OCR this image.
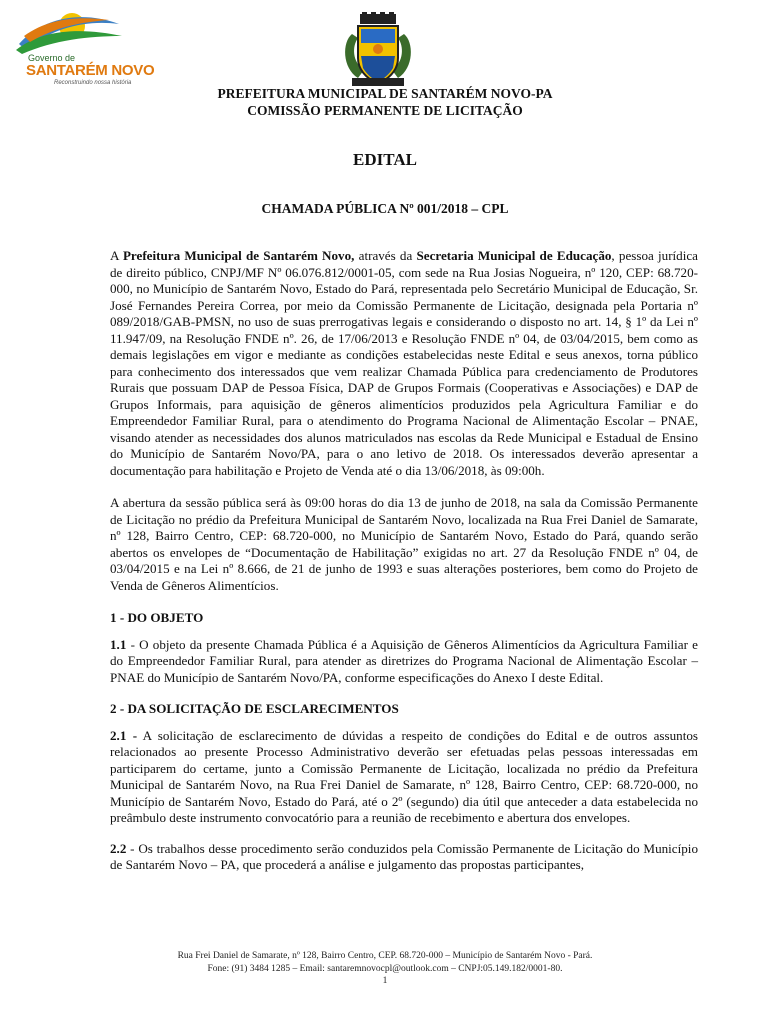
Governo de
SANTARÉM NOVO
Reconstruindo nossa história
PREFEITURA MUNICIPAL DE SANTARÉM NOVO-PA
COMISSÃO PERMANENTE DE LICITAÇÃO
EDITAL
CHAMADA PÚBLICA Nº 001/2018 – CPL

A Prefeitura Municipal de Santarém Novo, através da Secretaria Municipal de Educação, pessoa jurídica de direito público, CNPJ/MF Nº 06.076.812/0001-05, com sede na Rua Josias Nogueira, nº 120, CEP: 68.720-000, no Município de Santarém Novo, Estado do Pará, representada pelo Secretário Municipal de Educação, Sr. José Fernandes Pereira Correa, por meio da Comissão Permanente de Licitação, designada pela Portaria nº 089/2018/GAB-PMSN, no uso de suas prerrogativas legais e considerando o disposto no art. 14, § 1º da Lei nº 11.947/09, na Resolução FNDE nº. 26, de 17/06/2013 e Resolução FNDE nº 04, de 03/04/2015, bem como as demais legislações em vigor e mediante as condições estabelecidas neste Edital e seus anexos, torna público para conhecimento dos interessados que vem realizar Chamada Pública para credenciamento de Produtores Rurais que possuam DAP de Pessoa Física, DAP de Grupos Formais (Cooperativas e Associações) e DAP de Grupos Informais, para aquisição de gêneros alimentícios produzidos pela Agricultura Familiar e do Empreendedor Familiar Rural, para o atendimento do Programa Nacional de Alimentação Escolar – PNAE, visando atender as necessidades dos alunos matriculados nas escolas da Rede Municipal e Estadual de Ensino do Município de Santarém Novo/PA, para o ano letivo de 2018. Os interessados deverão apresentar a documentação para habilitação e Projeto de Venda até o dia 13/06/2018, às 09:00h.

A abertura da sessão pública será às 09:00 horas do dia 13 de junho de 2018, na sala da Comissão Permanente de Licitação no prédio da Prefeitura Municipal de Santarém Novo, localizada na Rua Frei Daniel de Samarate, nº 128, Bairro Centro, CEP: 68.720-000, no Município de Santarém Novo, Estado do Pará, quando serão abertos os envelopes de “Documentação de Habilitação” exigidas no art. 27 da Resolução FNDE nº 04, de 03/04/2015 e na Lei nº 8.666, de 21 de junho de 1993 e suas alterações posteriores, bem como do Projeto de Venda de Gêneros Alimentícios.

1 - DO OBJETO

1.1 - O objeto da presente Chamada Pública é a Aquisição de Gêneros Alimentícios da Agricultura Familiar e do Empreendedor Familiar Rural, para atender as diretrizes do Programa Nacional de Alimentação Escolar – PNAE do Município de Santarém Novo/PA, conforme especificações do Anexo I deste Edital.

2 - DA SOLICITAÇÃO DE ESCLARECIMENTOS

2.1 - A solicitação de esclarecimento de dúvidas a respeito de condições do Edital e de outros assuntos relacionados ao presente Processo Administrativo deverão ser efetuadas pelas pessoas interessadas em participarem do certame, junto a Comissão Permanente de Licitação, localizada no prédio da Prefeitura Municipal de Santarém Novo, na Rua Frei Daniel de Samarate, nº 128, Bairro Centro, CEP: 68.720-000, no Município de Santarém Novo, Estado do Pará, até o 2º (segundo) dia útil que anteceder a data estabelecida no preâmbulo deste instrumento convocatório para a reunião de recebimento e abertura dos envelopes.

2.2 - Os trabalhos desse procedimento serão conduzidos pela Comissão Permanente de Licitação do Município de Santarém Novo – PA, que procederá a análise e julgamento das propostas participantes,

Rua Frei Daniel de Samarate, nº 128, Bairro Centro, CEP. 68.720-000 – Município de Santarém Novo - Pará.
Fone: (91) 3484 1285 – Email: santaremnovocpl@outlook.com – CNPJ:05.149.182/0001-80.
1
